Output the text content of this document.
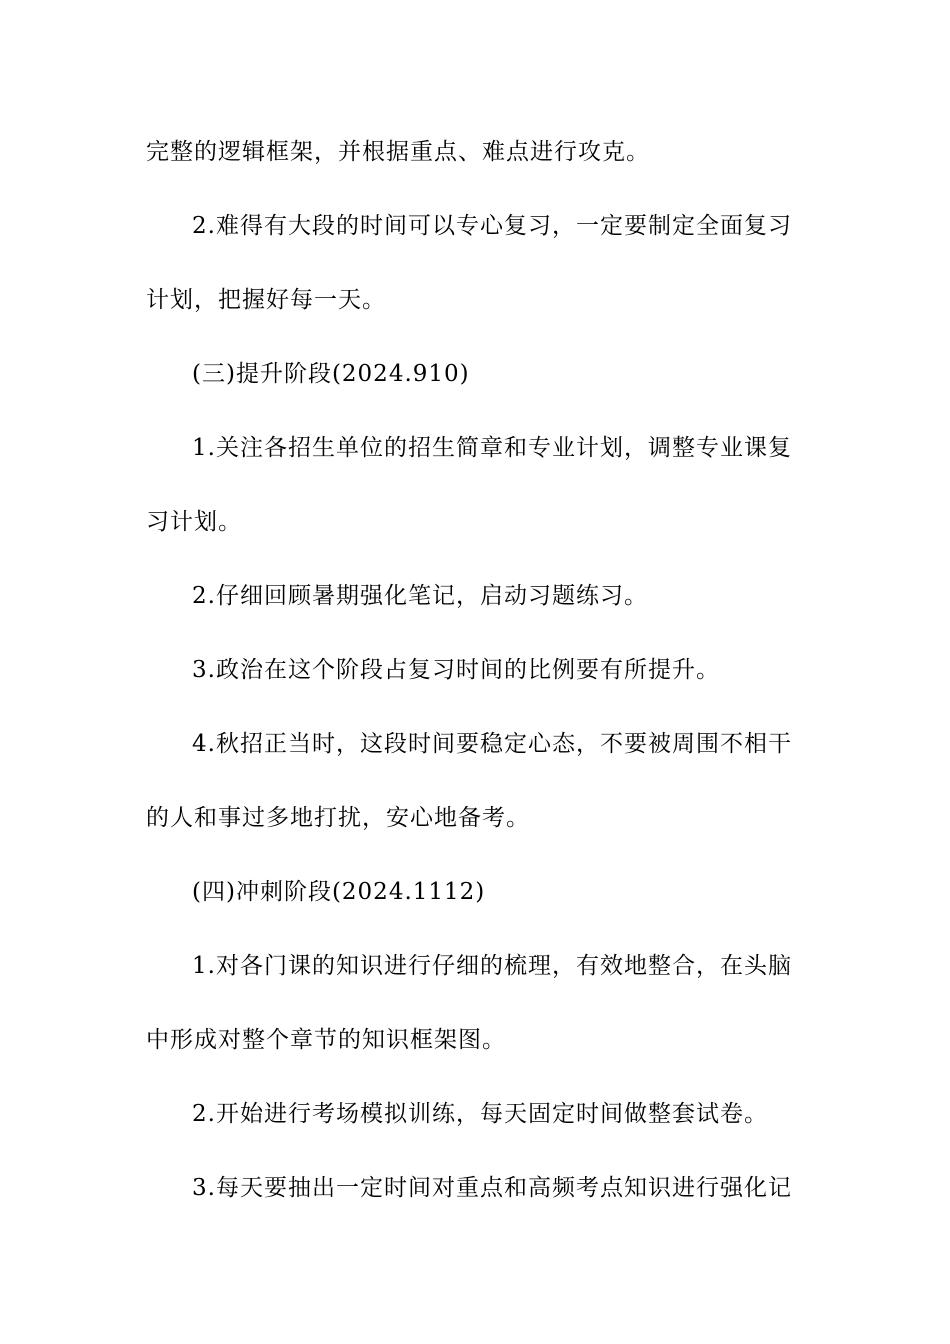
完整的逻辑框架，并根据重点、难点进行攻克。
2.难得有大段的时间可以专心复习，一定要制定全面复习
计划，把握好每一天。
(三)提升阶段(2024.910)
1.关注各招生单位的招生简章和专业计划，调整专业课复
习计划。
2.仔细回顾暑期强化笔记，启动习题练习。
3.政治在这个阶段占复习时间的比例要有所提升。
4.秋招正当时，这段时间要稳定心态，不要被周围不相干
的人和事过多地打扰，安心地备考。
(四)冲刺阶段(2024.1112)
1.对各门课的知识进行仔细的梳理，有效地整合，在头脑
中形成对整个章节的知识框架图。
2.开始进行考场模拟训练，每天固定时间做整套试卷。
3.每天要抽出一定时间对重点和高频考点知识进行强化记
